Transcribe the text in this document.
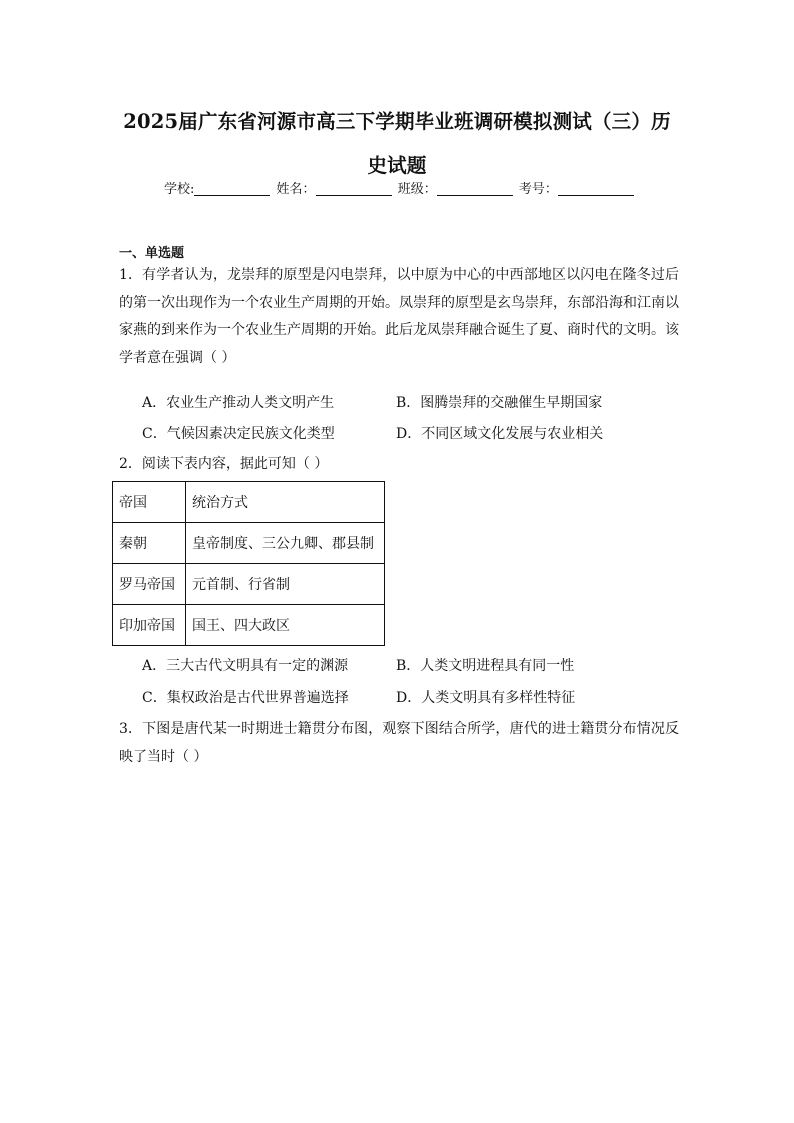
2025届广东省河源市高三下学期毕业班调研模拟测试（三）历史试题
学校:	姓名：	班级：	考号：
一、单选题
1．有学者认为，龙崇拜的原型是闪电崇拜，以中原为中心的中西部地区以闪电在隆冬过后的第一次出现作为一个农业生产周期的开始。凤崇拜的原型是玄鸟崇拜，东部沿海和江南以家燕的到来作为一个农业生产周期的开始。此后龙凤崇拜融合诞生了夏、商时代的文明。该学者意在强调（ ）
A．农业生产推动人类文明产生	B．图腾崇拜的交融催生早期国家
C．气候因素决定民族文化类型	D．不同区域文化发展与农业相关
2．阅读下表内容，据此可知（ ）
帝国	统治方式
秦朝	皇帝制度、三公九卿、郡县制
罗马帝国	元首制、行省制
印加帝国	国王、四大政区
A．三大古代文明具有一定的渊源	B．人类文明进程具有同一性
C．集权政治是古代世界普遍选择	D．人类文明具有多样性特征
3．下图是唐代某一时期进士籍贯分布图，观察下图结合所学，唐代的进士籍贯分布情况反映了当时（ ）
